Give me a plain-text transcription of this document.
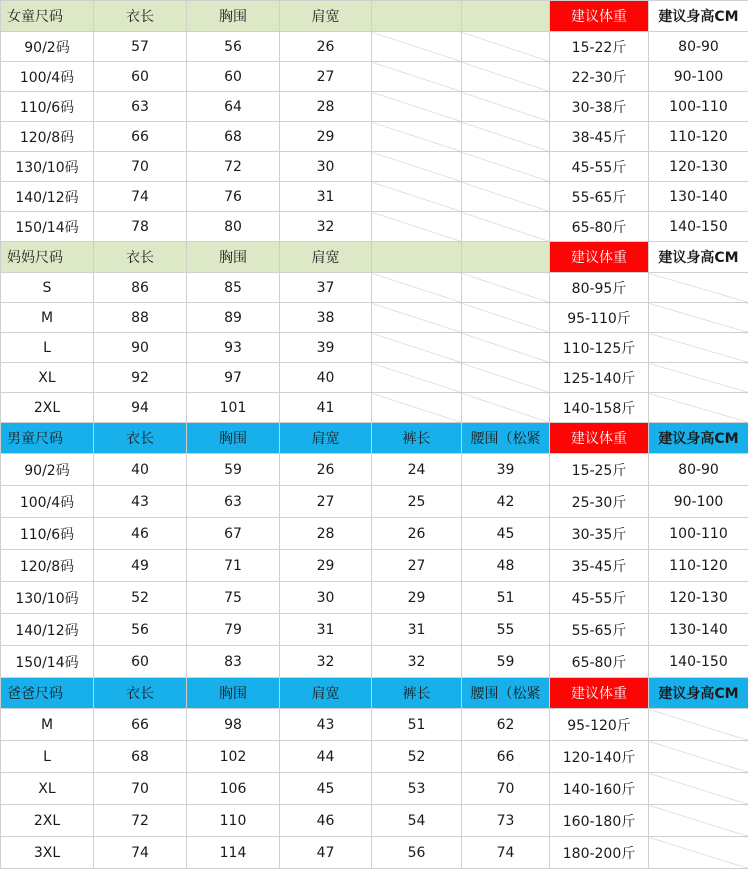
女童尺码	衣长	胸围	肩宽			建议体重	建议身高CM
90/2码	57	56	26			15-22斤	80-90
100/4码	60	60	27			22-30斤	90-100
110/6码	63	64	28			30-38斤	100-110
120/8码	66	68	29			38-45斤	110-120
130/10码	70	72	30			45-55斤	120-130
140/12码	74	76	31			55-65斤	130-140
150/14码	78	80	32			65-80斤	140-150
妈妈尺码	衣长	胸围	肩宽			建议体重	建议身高CM
S	86	85	37			80-95斤	
M	88	89	38			95-110斤	
L	90	93	39			110-125斤	
XL	92	97	40			125-140斤	
2XL	94	101	41			140-158斤	
男童尺码	衣长	胸围	肩宽	裤长	腰围（松紧	建议体重	建议身高CM
90/2码	40	59	26	24	39	15-25斤	80-90
100/4码	43	63	27	25	42	25-30斤	90-100
110/6码	46	67	28	26	45	30-35斤	100-110
120/8码	49	71	29	27	48	35-45斤	110-120
130/10码	52	75	30	29	51	45-55斤	120-130
140/12码	56	79	31	31	55	55-65斤	130-140
150/14码	60	83	32	32	59	65-80斤	140-150
爸爸尺码	衣长	胸围	肩宽	裤长	腰围（松紧	建议体重	建议身高CM
M	66	98	43	51	62	95-120斤	
L	68	102	44	52	66	120-140斤	
XL	70	106	45	53	70	140-160斤	
2XL	72	110	46	54	73	160-180斤	
3XL	74	114	47	56	74	180-200斤	
